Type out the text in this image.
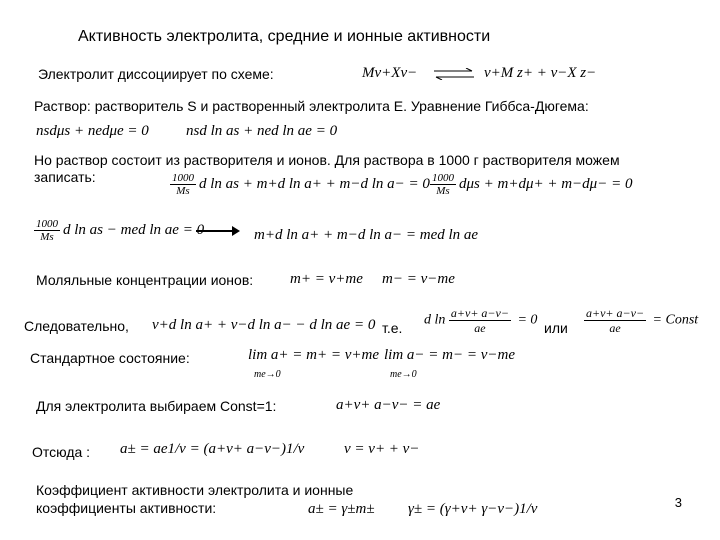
Активность электролита, средние и ионные активности
Электролит диссоциирует по схеме:	Mν+Xν− ⇌ ν+M z+ + ν−X z−
Раствор: растворитель S и растворенный электролита E. Уравнение Гиббса-Дюгема:
nsdμs + nedμe = 0 nsd ln as + ned ln ae = 0
Но раствор состоит из растворителя и ионов. Для раствора в 1000 г растворителя можем записать:	$\frac{1000}{Ms}$ d ln as + m+d ln a+ + m−d $\ln a- = 0 \frac{1000}{Ms}$ dμs + m+dμ+ + m−dμ− = 0
$\frac{1000}{Ms}$ d ln as − med ln ae = 0	m+d ln a+ + m−d ln a− = med ln ae
Моляльные концентрации ионов: m+ = ν+me m− = ν−me
Следовательно, ν+d ln a+ + ν−d ln a− − d ln ae = 0 т.е. d $\ln \frac{a+\nu+ a-\nu-}{ae} = 0$ или $\frac{a+\nu+ a-\nu-}{ae}$ = Const
Стандартное состояние:	lim a+ = m+ = ν+me
me→0
lim a− = m− = ν−me
me→0
Для электролита выбираем Const=1:	a+ν+ a−ν− = ae
Отсюда : a± = ae1/ν = (a+ν+ a−ν−)1/ν	ν = ν+ + ν−
Коэффициент активности электролита и ионные
коэффициенты активности:	a± = γ±m± γ± = (γ+ν+ γ−ν−)1/ν	3
